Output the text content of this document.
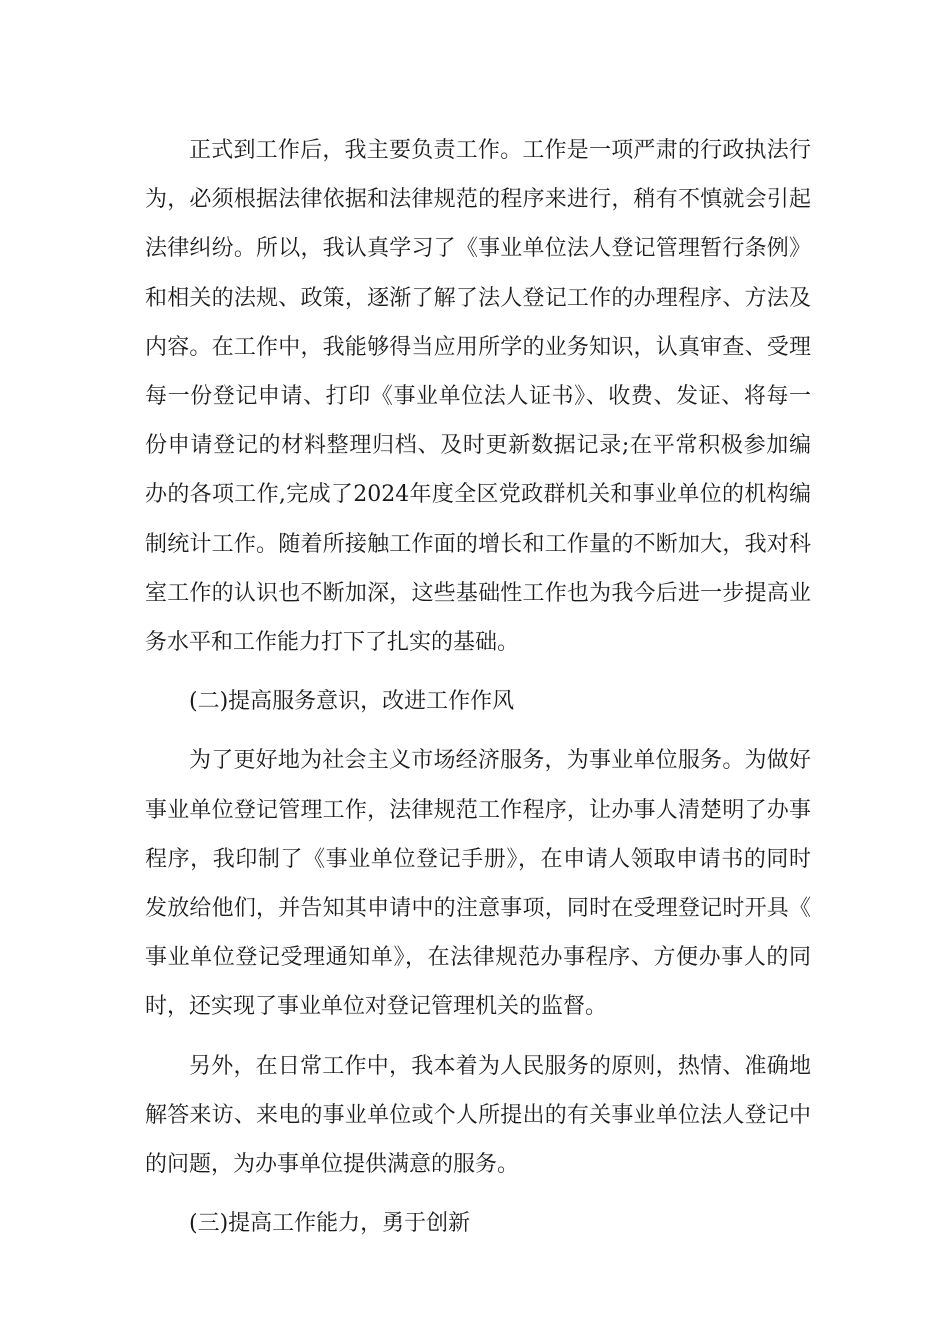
正式到工作后，我主要负责工作。工作是一项严肃的行政执法行为，必须根据法律依据和法律规范的程序来进行，稍有不慎就会引起法律纠纷。所以，我认真学习了《事业单位法人登记管理暂行条例》和相关的法规、政策，逐渐了解了法人登记工作的办理程序、方法及内容。在工作中，我能够得当应用所学的业务知识，认真审查、受理每一份登记申请、打印《事业单位法人证书》、收费、发证、将每一份申请登记的材料整理归档、及时更新数据记录;在平常积极参加编办的各项工作,完成了2024年度全区党政群机关和事业单位的机构编制统计工作。随着所接触工作面的增长和工作量的不断加大，我对科室工作的认识也不断加深，这些基础性工作也为我今后进一步提高业务水平和工作能力打下了扎实的基础。

(二)提高服务意识，改进工作作风

为了更好地为社会主义市场经济服务，为事业单位服务。为做好事业单位登记管理工作，法律规范工作程序，让办事人清楚明了办事程序，我印制了《事业单位登记手册》，在申请人领取申请书的同时发放给他们，并告知其申请中的注意事项，同时在受理登记时开具《事业单位登记受理通知单》，在法律规范办事程序、方便办事人的同时，还实现了事业单位对登记管理机关的监督。

另外，在日常工作中，我本着为人民服务的原则，热情、准确地解答来访、来电的事业单位或个人所提出的有关事业单位法人登记中的问题，为办事单位提供满意的服务。

(三)提高工作能力，勇于创新
